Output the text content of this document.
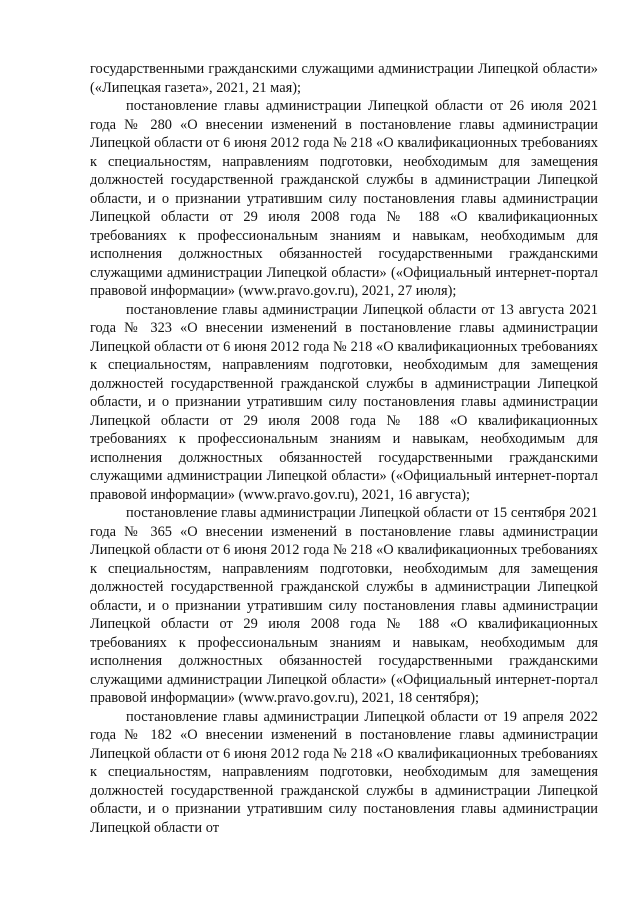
государственными гражданскими служащими администрации Липецкой области» («Липецкая газета», 2021, 21 мая);

постановление главы администрации Липецкой области от 26 июля 2021 года № 280 «О внесении изменений в постановление главы администрации Липецкой области от 6 июня 2012 года № 218 «О квалификационных требованиях к специальностям, направлениям подготовки, необходимым для замещения должностей государственной гражданской службы в администрации Липецкой области, и о признании утратившим силу постановления главы администрации Липецкой области от 29 июля 2008 года № 188 «О квалификационных требованиях к профессиональным знаниям и навыкам, необходимым для исполнения должностных обязанностей государственными гражданскими служащими администрации Липецкой области» («Официальный интернет-портал правовой информации» (www.pravo.gov.ru), 2021, 27 июля);

постановление главы администрации Липецкой области от 13 августа 2021 года № 323 «О внесении изменений в постановление главы администрации Липецкой области от 6 июня 2012 года № 218 «О квалификационных требованиях к специальностям, направлениям подготовки, необходимым для замещения должностей государственной гражданской службы в администрации Липецкой области, и о признании утратившим силу постановления главы администрации Липецкой области от 29 июля 2008 года № 188 «О квалификационных требованиях к профессиональным знаниям и навыкам, необходимым для исполнения должностных обязанностей государственными гражданскими служащими администрации Липецкой области» («Официальный интернет-портал правовой информации» (www.pravo.gov.ru), 2021, 16 августа);

постановление главы администрации Липецкой области от 15 сентября 2021 года № 365 «О внесении изменений в постановление главы администрации Липецкой области от 6 июня 2012 года № 218 «О квалификационных требованиях к специальностям, направлениям подготовки, необходимым для замещения должностей государственной гражданской службы в администрации Липецкой области, и о признании утратившим силу постановления главы администрации Липецкой области от 29 июля 2008 года № 188 «О квалификационных требованиях к профессиональным знаниям и навыкам, необходимым для исполнения должностных обязанностей государственными гражданскими служащими администрации Липецкой области» («Официальный интернет-портал правовой информации» (www.pravo.gov.ru), 2021, 18 сентября);

постановление главы администрации Липецкой области от 19 апреля 2022 года № 182 «О внесении изменений в постановление главы администрации Липецкой области от 6 июня 2012 года № 218 «О квалификационных требованиях к специальностям, направлениям подготовки, необходимым для замещения должностей государственной гражданской службы в администрации Липецкой области, и о признании утратившим силу постановления главы администрации Липецкой области от
